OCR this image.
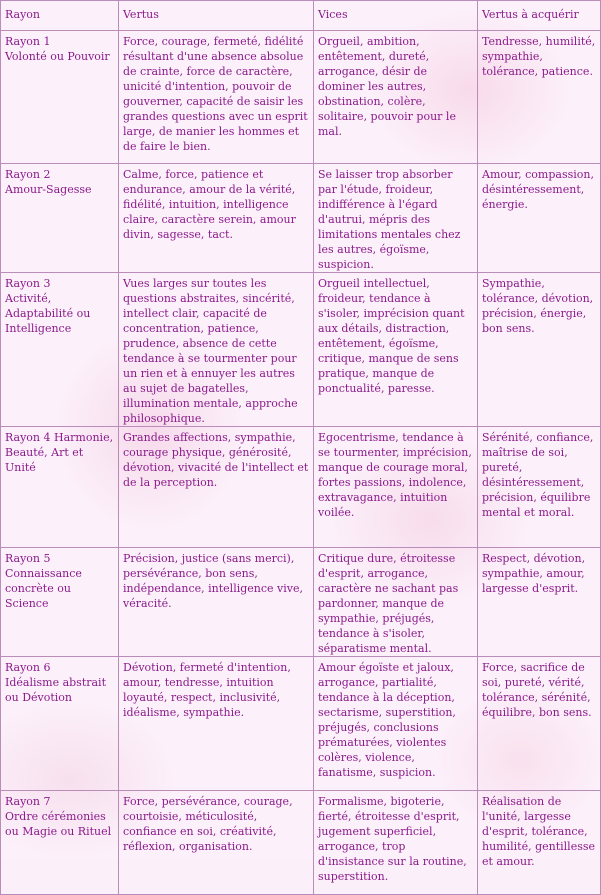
Rayon	Vertus	Vices	Vertus à acquérir
Rayon 1
Volonté ou Pouvoir	Force, courage, fermeté, fidélité résultant d'une absence absolue de crainte, force de caractère, unicité d'intention, pouvoir de gouverner, capacité de saisir les grandes questions avec un esprit large, de manier les hommes et de faire le bien.	Orgueil, ambition, entêtement, dureté, arrogance, désir de dominer les autres, obstination, colère, solitaire, pouvoir pour le mal.	Tendresse, humilité, sympathie, tolérance, patience.
Rayon 2
Amour-Sagesse	Calme, force, patience et endurance, amour de la vérité, fidélité, intuition, intelligence claire, caractère serein, amour divin, sagesse, tact.	Se laisser trop absorber par l'étude, froideur, indifférence à l'égard d'autrui, mépris des limitations mentales chez les autres, égoïsme, suspicion.	Amour, compassion, désintéressement, énergie.
Rayon 3
Activité, Adaptabilité ou Intelligence	Vues larges sur toutes les questions abstraites, sincérité, intellect clair, capacité de concentration, patience, prudence, absence de cette tendance à se tourmenter pour un rien et à ennuyer les autres au sujet de bagatelles, illumination mentale, approche philosophique.	Orgueil intellectuel, froideur, tendance à s'isoler, imprécision quant aux détails, distraction, entêtement, égoïsme, critique, manque de sens pratique, manque de ponctualité, paresse.	Sympathie, tolérance, dévotion, précision, énergie, bon sens.
Rayon 4 Harmonie, Beauté, Art et Unité	Grandes affections, sympathie, courage physique, générosité, dévotion, vivacité de l'intellect et de la perception.	Egocentrisme, tendance à se tourmenter, imprécision, manque de courage moral, fortes passions, indolence, extravagance, intuition voilée.	Sérénité, confiance, maîtrise de soi, pureté, désintéressement, précision, équilibre mental et moral.
Rayon 5
Connaissance concrète ou Science	Précision, justice (sans merci), persévérance, bon sens, indépendance, intelligence vive, véracité.	Critique dure, étroitesse d'esprit, arrogance, caractère ne sachant pas pardonner, manque de sympathie, préjugés, tendance à s'isoler, séparatisme mental.	Respect, dévotion, sympathie, amour, largesse d'esprit.
Rayon 6
Idéalisme abstrait ou Dévotion	Dévotion, fermeté d'intention, amour, tendresse, intuition loyauté, respect, inclusivité, idéalisme, sympathie.	Amour égoïste et jaloux, arrogance, partialité, tendance à la déception, sectarisme, superstition, préjugés, conclusions prématurées, violentes colères, violence, fanatisme, suspicion.	Force, sacrifice de soi, pureté, vérité, tolérance, sérénité, équilibre, bon sens.
Rayon 7
Ordre cérémonies ou Magie ou Rituel	Force, persévérance, courage, courtoisie, méticulosité, confiance en soi, créativité, réflexion, organisation.	Formalisme, bigoterie, fierté, étroitesse d'esprit, jugement superficiel, arrogance, trop d'insistance sur la routine, superstition.	Réalisation de l'unité, largesse d'esprit, tolérance, humilité, gentillesse et amour.
